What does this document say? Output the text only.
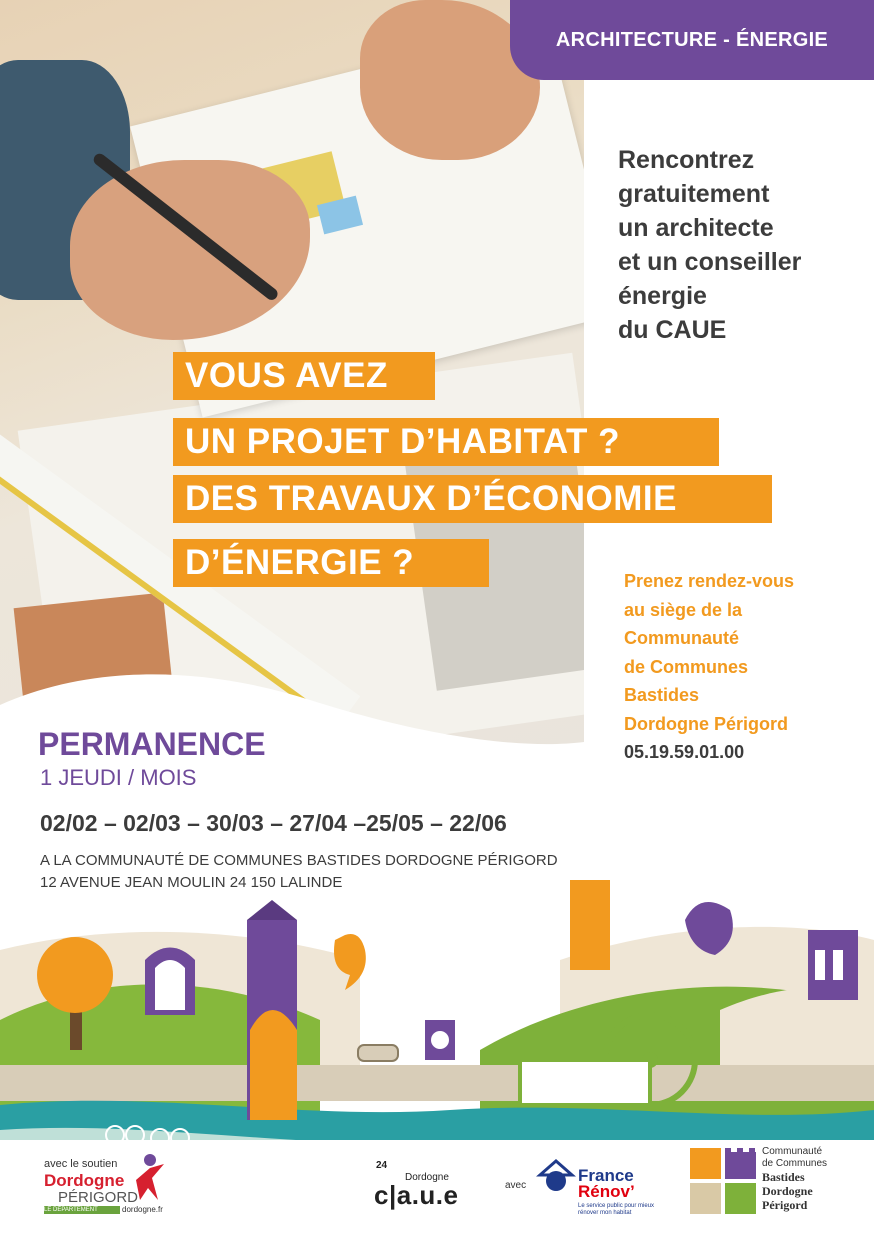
ARCHITECTURE - ÉNERGIE
Rencontrez
gratuitement
un architecte
et un conseiller
énergie
du CAUE
VOUS AVEZ
UN PROJET D’HABITAT ?
DES TRAVAUX D’ÉCONOMIE
D’ÉNERGIE ?	Prenez rendez-vous
au siège de la
Communauté
de Communes
Bastides
Dordogne Périgord
05.19.59.01.00
PERMANENCE
1 JEUDI / MOIS
02/02 – 02/03 – 30/03 – 27/04 –25/05 – 22/06
A LA COMMUNAUTÉ DE COMMUNES BASTIDES DORDOGNE PÉRIGORD
12 AVENUE JEAN MOULIN 24 150 LALINDE
avec le soutien
Dordogne
PÉRIGORD
LE DÉPARTEMENT	dordogne.fr
24
Dordogne
c|a.u.e	avec
France
Rénov’
Le service public pour mieux rénover mon habitat
Communauté
de Communes
Bastides
Dordogne
Périgord
